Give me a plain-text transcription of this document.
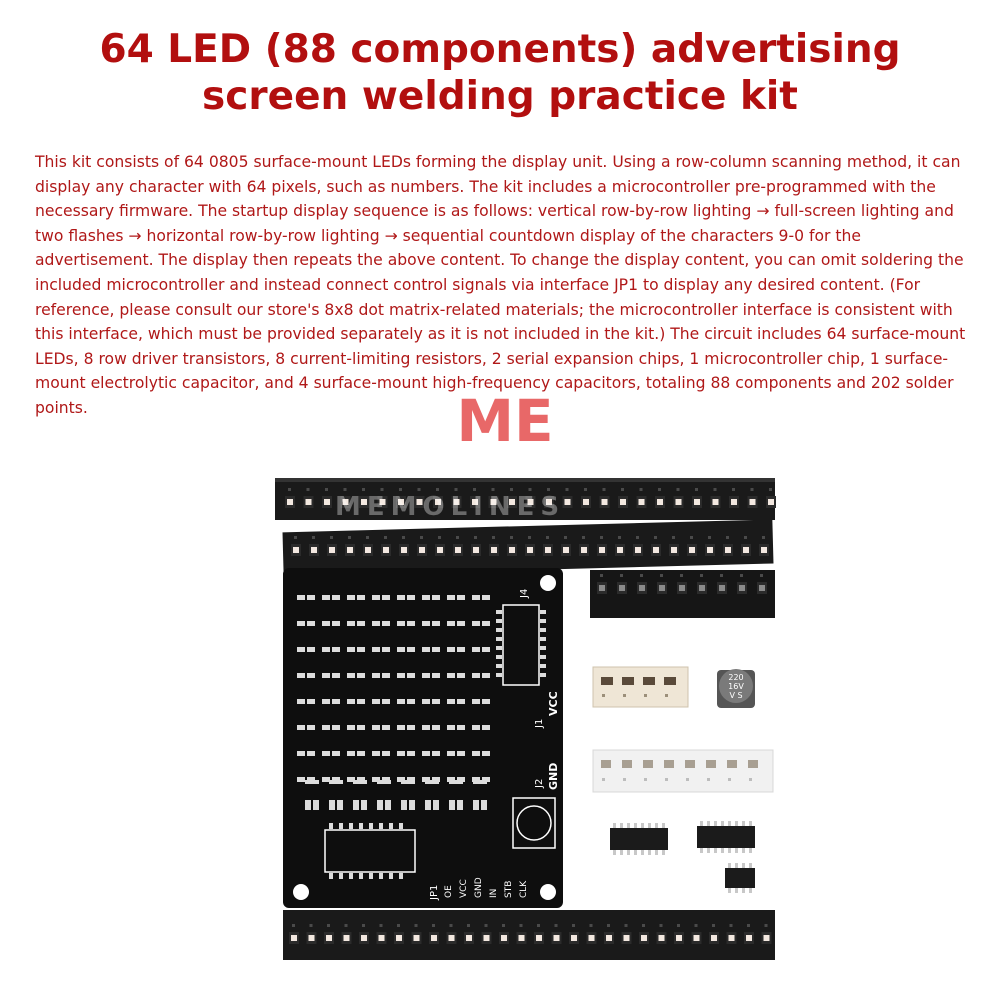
64 LED (88 components) advertising
screen welding practice kit

This kit consists of 64 0805 surface-mount LEDs forming the display unit. Using a row-column scanning method, it can display any character with 64 pixels, such as numbers. The kit includes a microcontroller pre-programmed with the necessary firmware. The startup display sequence is as follows: vertical row-by-row lighting → full-screen lighting and two flashes → horizontal row-by-row lighting → sequential countdown display of the characters 9-0 for the advertisement. The display then repeats the above content. To change the display content, you can omit soldering the included microcontroller and instead connect control signals via interface JP1 to display any desired content. (For reference, please consult our store's 8x8 dot matrix-related materials; the microcontroller interface is consistent with this interface, which must be provided separately as it is not included in the kit.) The circuit includes 64 surface-mount LEDs, 8 row driver transistors, 8 current-limiting resistors, 2 serial expansion chips, 1 microcontroller chip, 1 surface-mount electrolytic capacitor, and 4 surface-mount high-frequency capacitors, totaling 88 components and 202 solder points.

VCC
GND
J1
J2
J4
JP1 OE VCC GND IN STB CLK
220
16V
V S
MEMOLINES
ME
